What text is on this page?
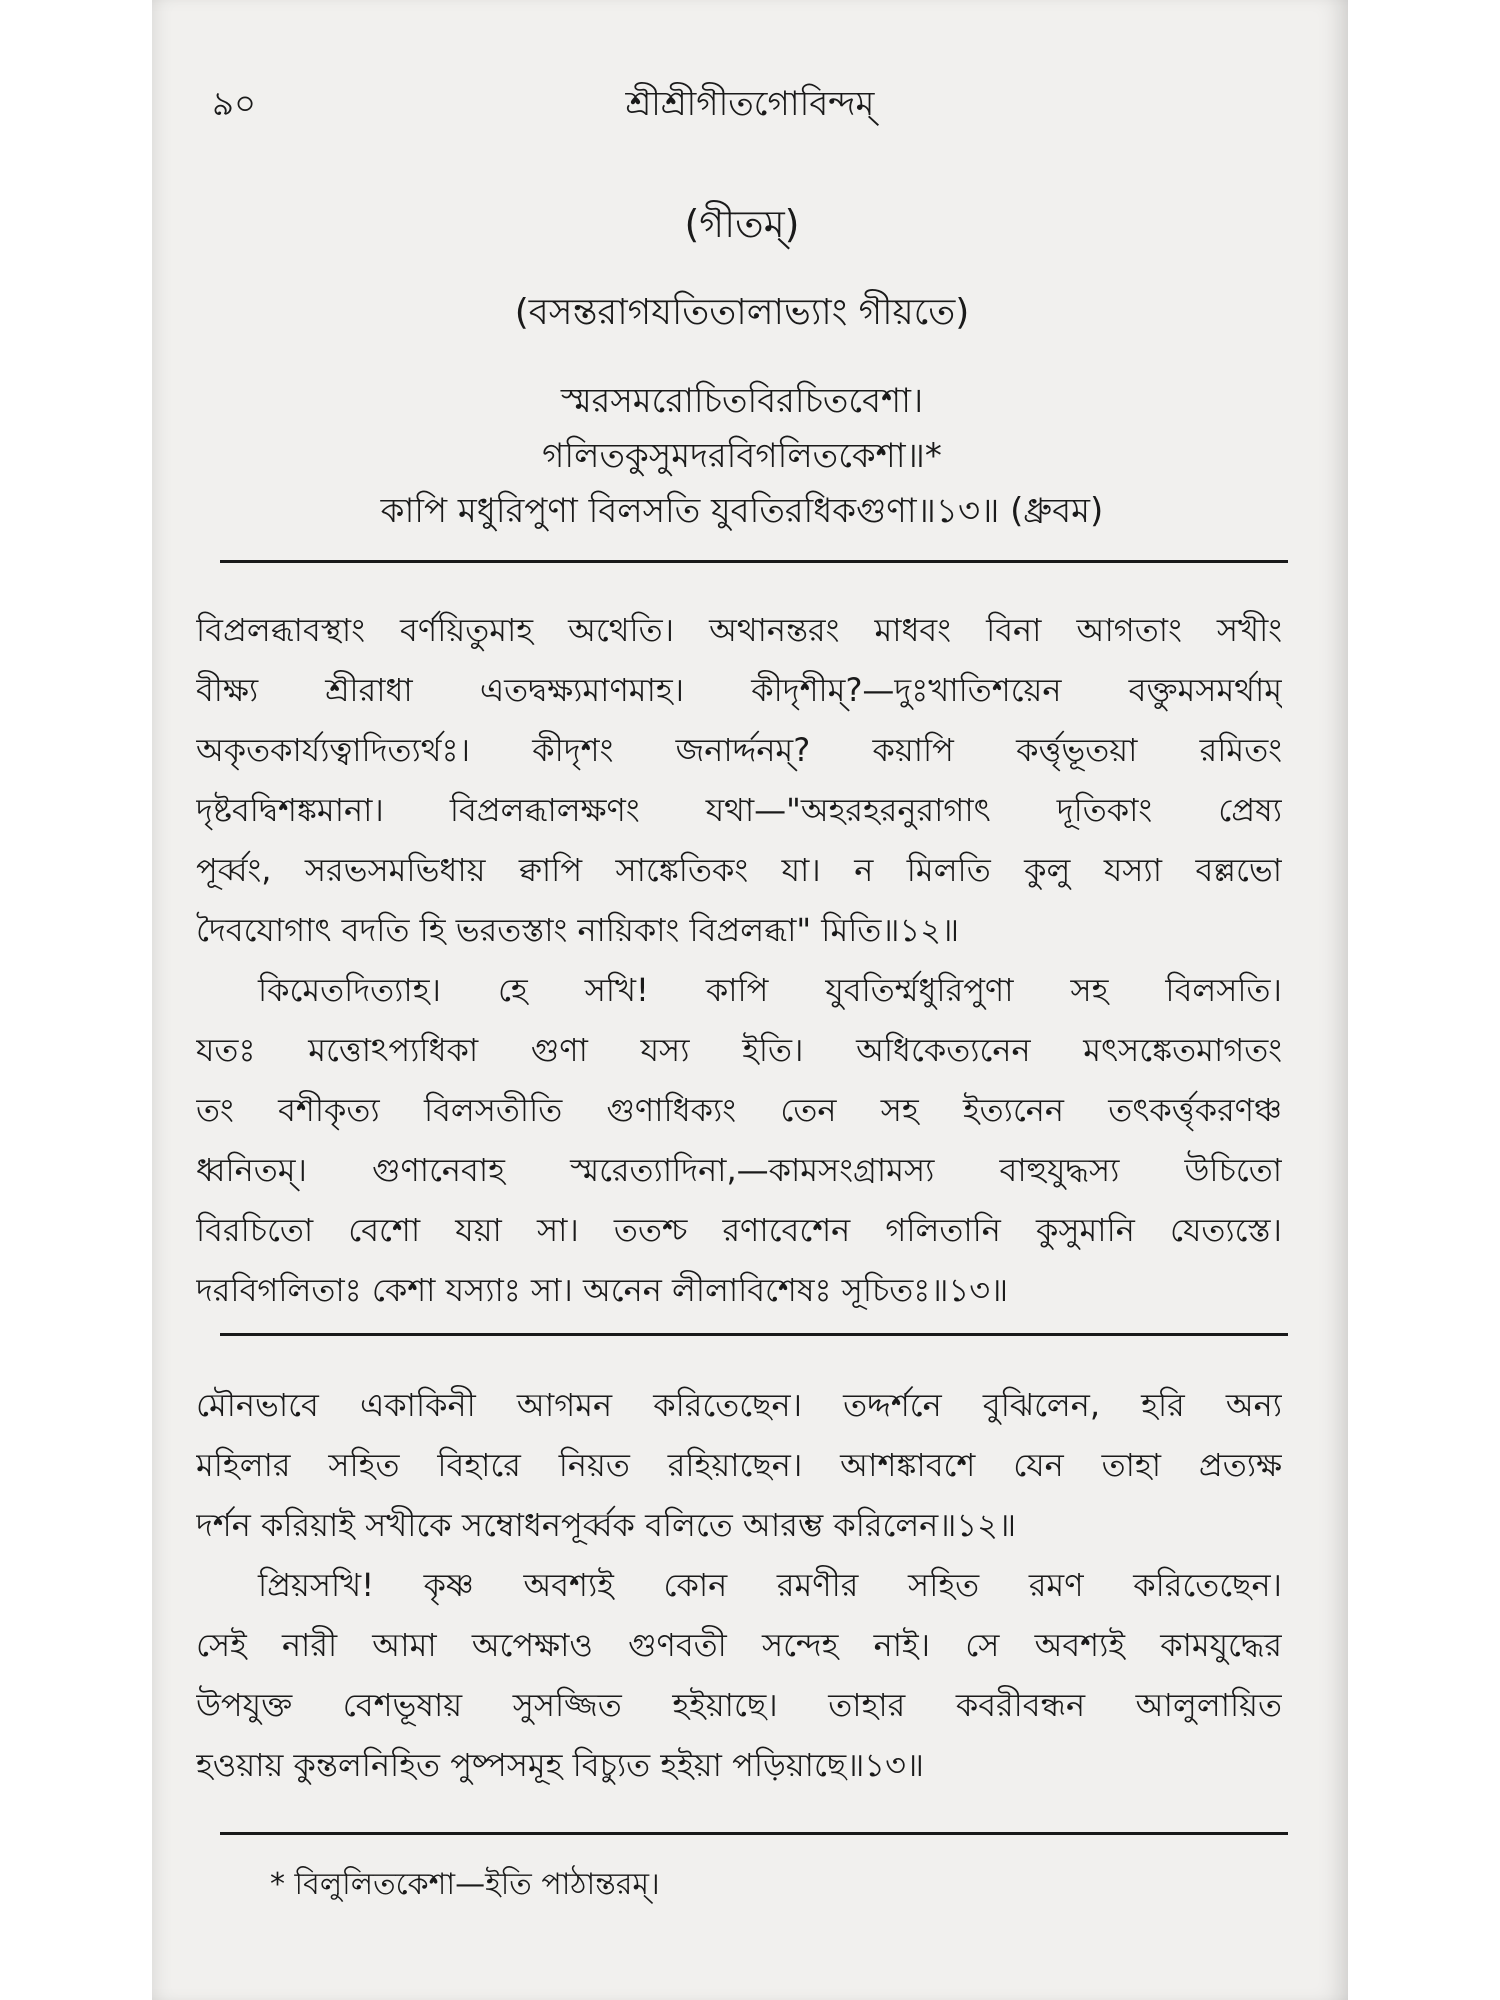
৯০	শ্রীশ্রীগীতগোবিন্দম্
(গীতম্)
(বসন্তরাগযতিতালাভ্যাং গীয়তে)
স্মরসমরোচিতবিরচিতবেশা।
গলিতকুসুমদরবিগলিতকেশা॥*
কাপি মধুরিপুণা বিলসতি যুবতিরধিকগুণা॥১৩॥ (ধ্রুবম)
বিপ্রলব্ধাবস্থাং বর্ণয়িতুমাহ অথেতি। অথানন্তরং মাধবং বিনা আগতাং সখীং
বীক্ষ্য শ্রীরাধা এতদ্বক্ষ্যমাণমাহ। কীদৃশীম্?—দুঃখাতিশয়েন বক্তুমসমর্থাম্
অকৃতকার্য্যত্বাদিত্যর্থঃ। কীদৃশং জনার্দ্দনম্? কয়াপি কর্ত্তৃভূতয়া রমিতং
দৃষ্টবদ্বিশঙ্কমানা। বিপ্রলব্ধালক্ষণং যথা—"অহরহরনুরাগাৎ দূতিকাং প্রেষ্য
পূর্ব্বং, সরভসমভিধায় ক্বাপি সাঙ্কেতিকং যা। ন মিলতি কুলু যস্যা বল্লভো
দৈবযোগাৎ বদতি হি ভরতস্তাং নায়িকাং বিপ্রলব্ধা" মিতি॥১২॥
কিমেতদিত্যাহ। হে সখি! কাপি যুবতির্ম্মধুরিপুণা সহ বিলসতি।
যতঃ মত্তোঽপ্যধিকা গুণা যস্য ইতি। অধিকেত্যনেন মৎসঙ্কেতমাগতং
তং বশীকৃত্য বিলসতীতি গুণাধিক্যং তেন সহ ইত্যনেন তৎকর্ত্তৃকরণঞ্চ
ধ্বনিতম্। গুণানেবাহ স্মরেত্যাদিনা,—কামসংগ্রামস্য বাহুযুদ্ধস্য উচিতো
বিরচিতো বেশো যয়া সা। ততশ্চ রণাবেশেন গলিতানি কুসুমানি যেত্যস্তে।
দরবিগলিতাঃ কেশা যস্যাঃ সা। অনেন লীলাবিশেষঃ সূচিতঃ॥১৩॥
মৌনভাবে একাকিনী আগমন করিতেছেন। তদ্দর্শনে বুঝিলেন, হরি অন্য
মহিলার সহিত বিহারে নিয়ত রহিয়াছেন। আশঙ্কাবশে যেন তাহা প্রত্যক্ষ
দর্শন করিয়াই সখীকে সম্বোধনপূর্ব্বক বলিতে আরম্ভ করিলেন॥১২॥
প্রিয়সখি! কৃষ্ণ অবশ্যই কোন রমণীর সহিত রমণ করিতেছেন।
সেই নারী আমা অপেক্ষাও গুণবতী সন্দেহ নাই। সে অবশ্যই কামযুদ্ধের
উপযুক্ত বেশভূষায় সুসজ্জিত হইয়াছে। তাহার কবরীবন্ধন আলুলায়িত
হওয়ায় কুন্তলনিহিত পুষ্পসমূহ বিচ্যুত হইয়া পড়িয়াছে॥১৩॥
* বিলুলিতকেশা—ইতি পাঠান্তরম্।
